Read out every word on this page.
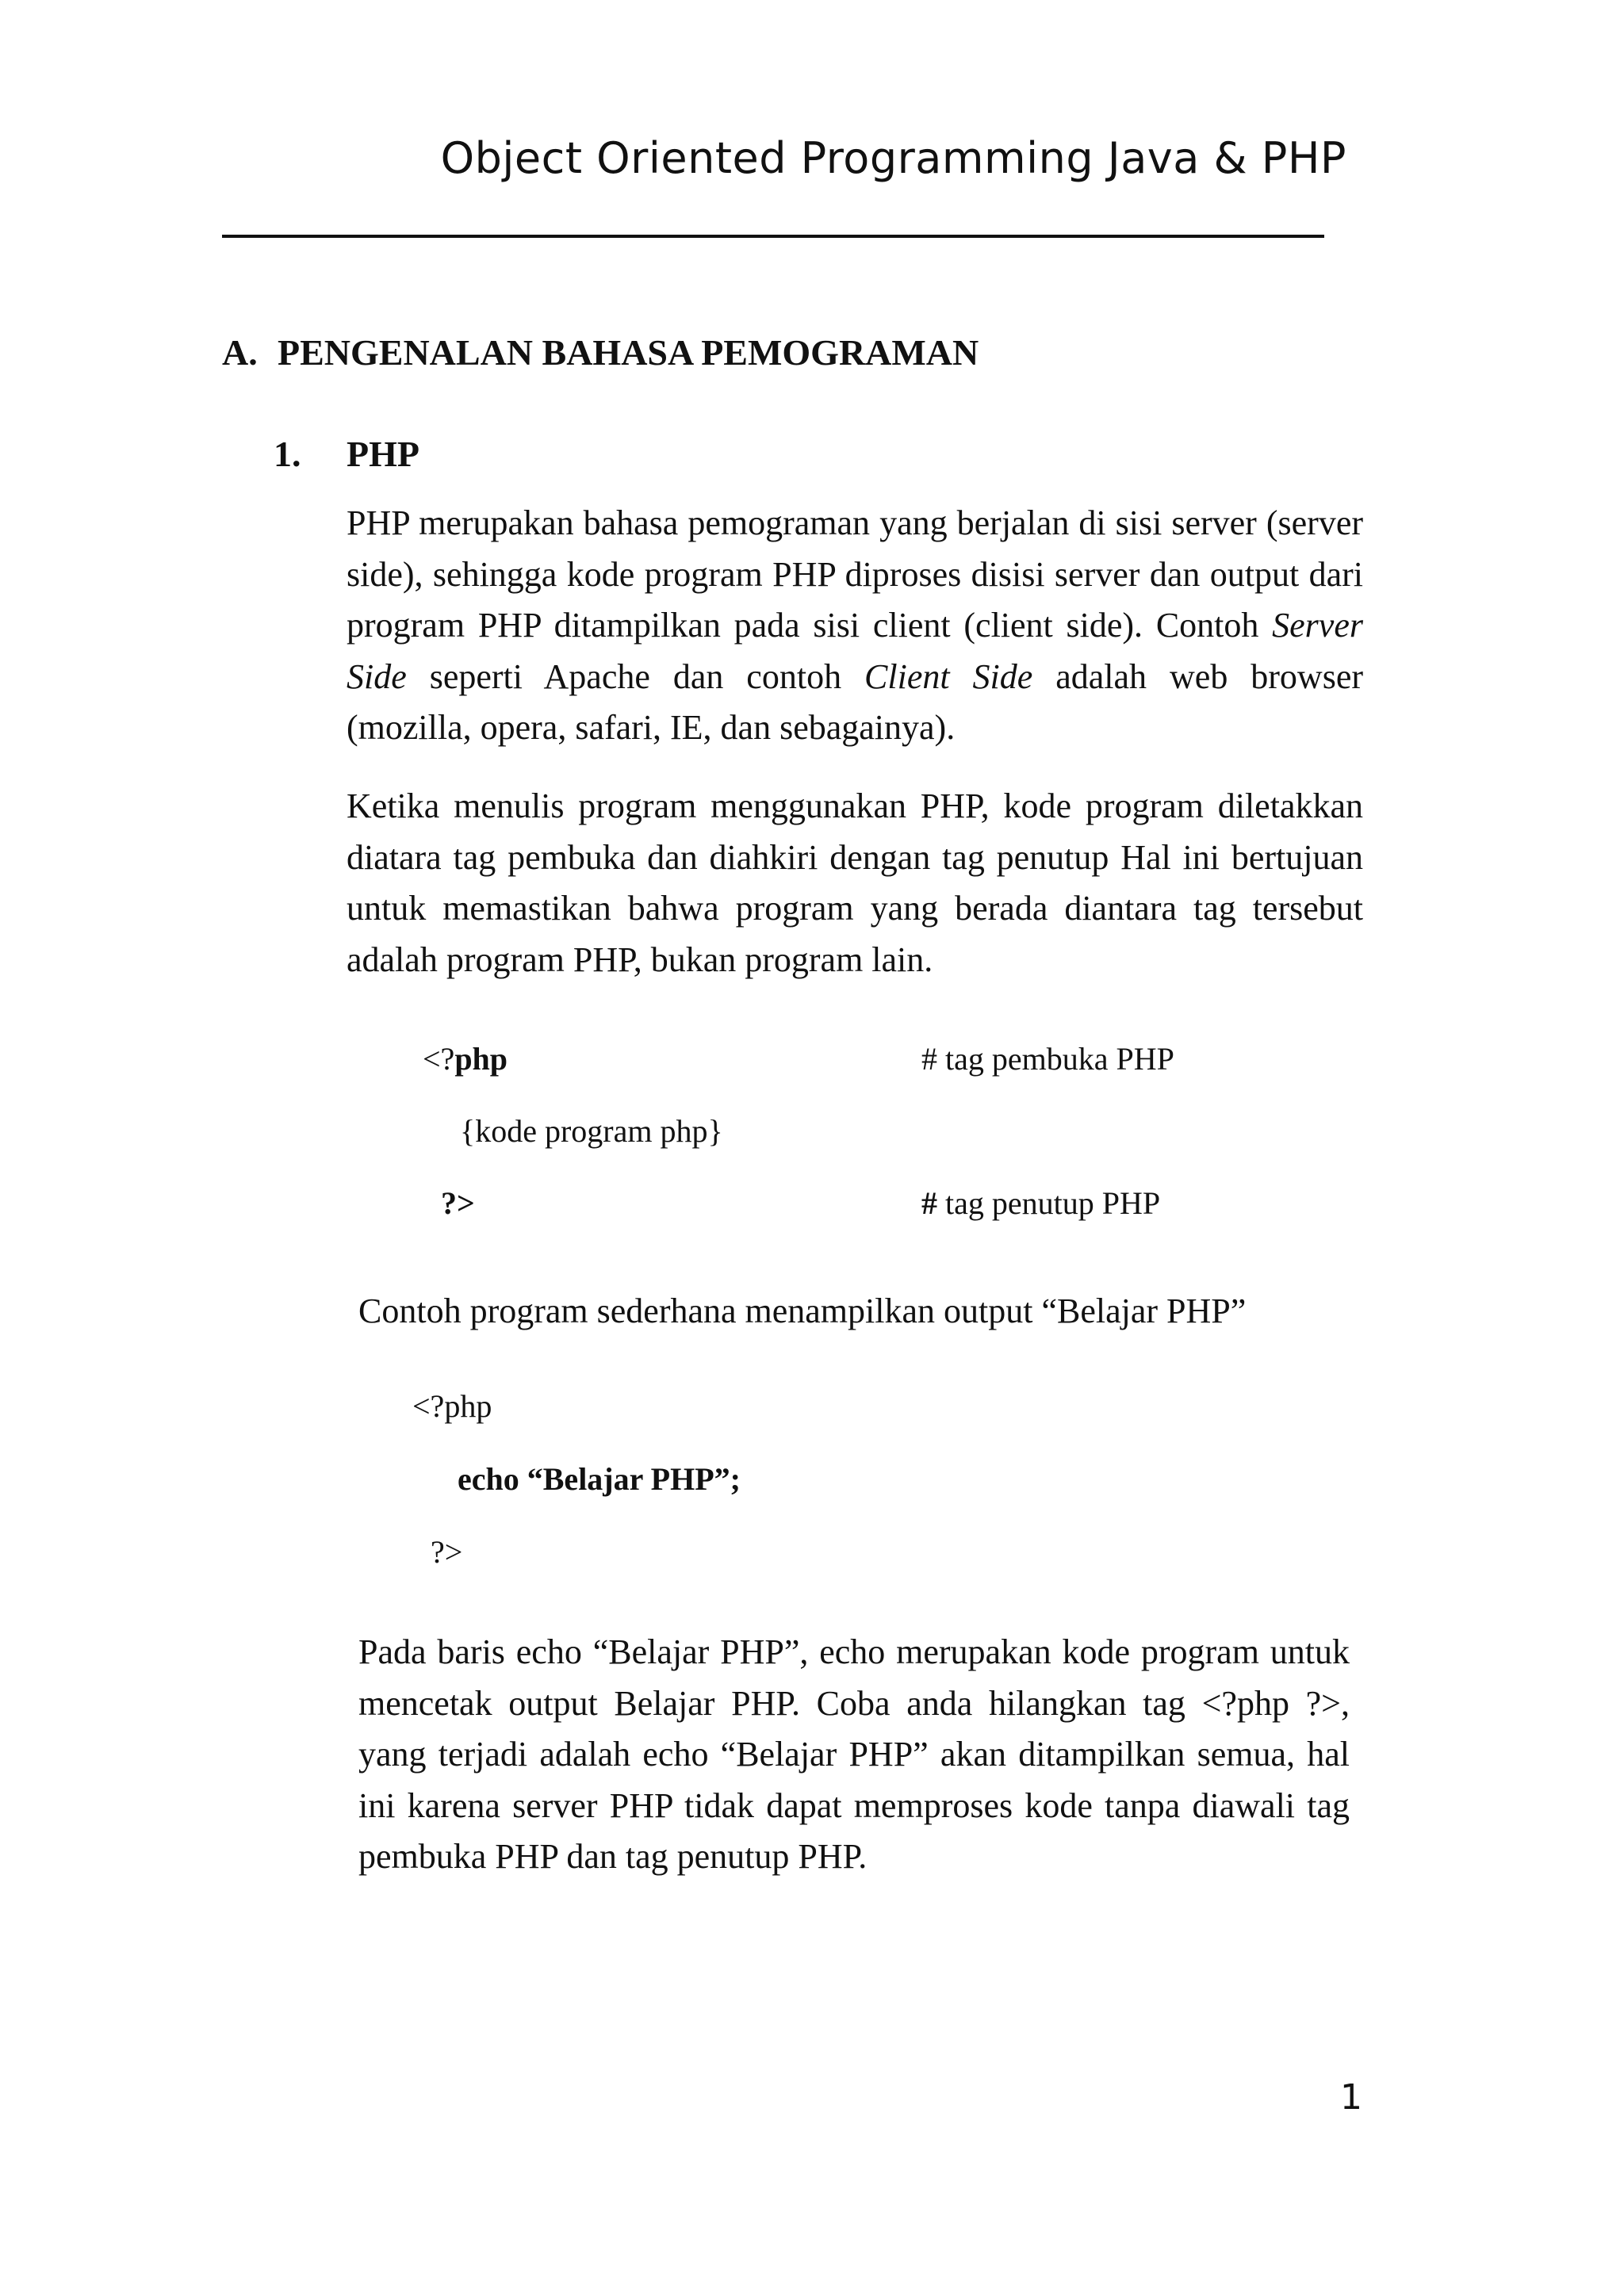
Object Oriented Programming Java & PHP
A. PENGENALAN BAHASA PEMOGRAMAN
1. PHP

PHP merupakan bahasa pemograman yang berjalan di sisi server (server side), sehingga kode program PHP diproses disisi server dan output dari program PHP ditampilkan pada sisi client (client side). Contoh Server Side seperti Apache dan contoh Client Side adalah web browser (mozilla, opera, safari, IE, dan sebagainya).

Ketika menulis program menggunakan PHP, kode program diletakkan diatara tag pembuka dan diahkiri dengan tag penutup Hal ini bertujuan untuk memastikan bahwa program yang berada diantara tag tersebut adalah program PHP, bukan program lain.

<?php	# tag pembuka PHP
{kode program php}
?>	# tag penutup PHP

Contoh program sederhana menampilkan output “Belajar PHP”

<?php
echo “Belajar PHP”;
?>

Pada baris echo “Belajar PHP”, echo merupakan kode program untuk mencetak output Belajar PHP. Coba anda hilangkan tag <?php ?>, yang terjadi adalah echo “Belajar PHP” akan ditampilkan semua, hal ini karena server PHP tidak dapat memproses kode tanpa diawali tag pembuka PHP dan tag penutup PHP.

1
